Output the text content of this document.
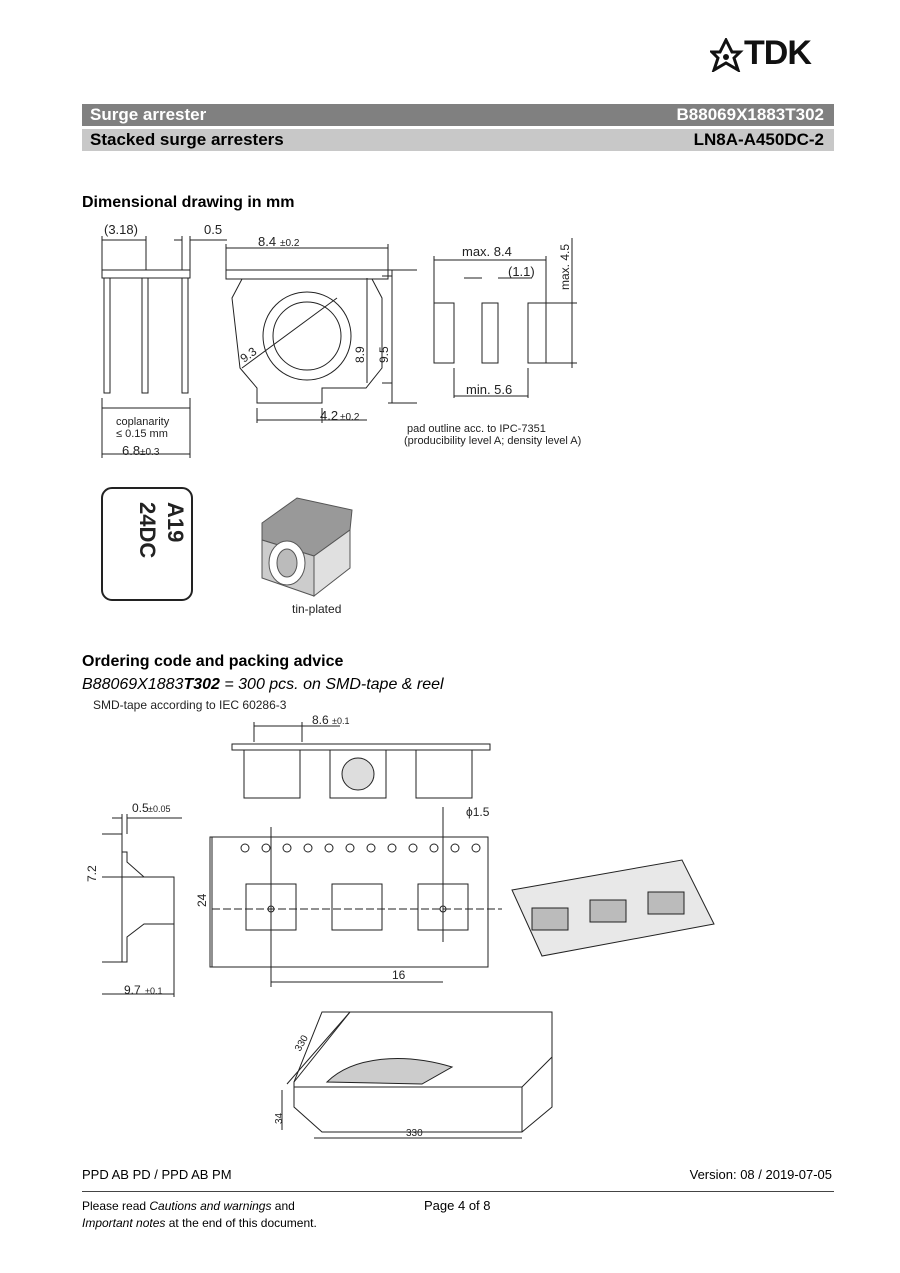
TDK
Surge arrester	B88069X1883T302
Stacked surge arresters	LN8A-A450DC-2
Dimensional drawing in mm
(3.18)	0.5
8.4 ±0.2
4.2 ±0.2
6.8 ±0.3
coplanarity
≤ 0.15 mm
max. 8.4
(1.1)
min. 5.6
pad outline acc. to IPC-7351
(producibility level A; density level A)
8.9 9.5
9.3
max. 4.5
A19
24DC
tin-plated
Ordering code and packing advice
B88069X1883T302 = 300 pcs. on SMD-tape & reel
SMD-tape according to IEC 60286-3
8.6 ±0.1
0.5 ±0.05	ϕ1.5
16
9.7 ±0.1
330
7.2
24
330
34
PPD AB PD / PPD AB PM	Version: 08 / 2019-07-05
Please read Cautions and warnings and
Important notes at the end of this document.
Page 4 of 8
